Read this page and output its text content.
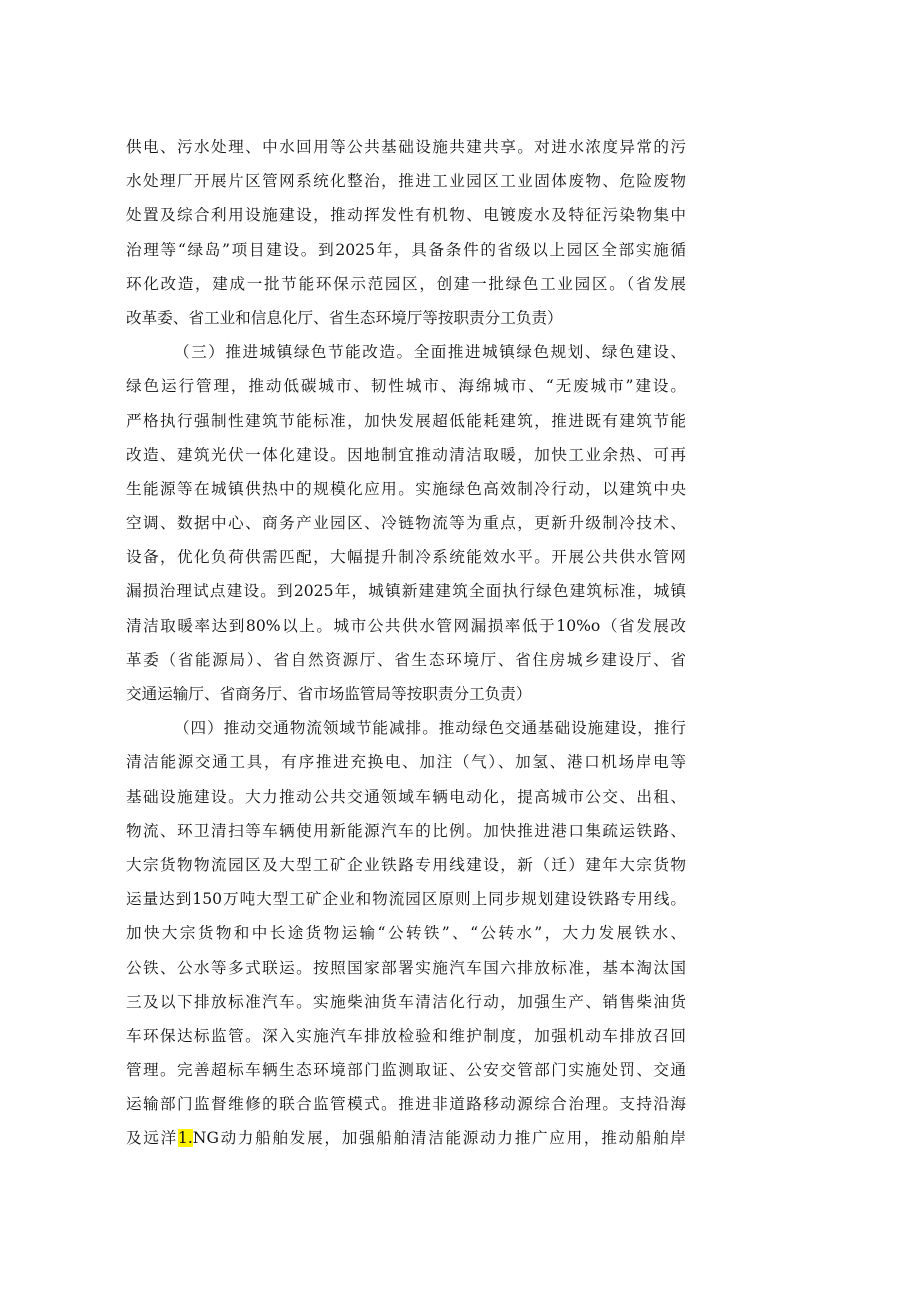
供电、污水处理、中水回用等公共基础设施共建共享。对进水浓度异常的污
水处理厂开展片区管网系统化整治，推进工业园区工业固体废物、危险废物
处置及综合利用设施建设，推动挥发性有机物、电镀废水及特征污染物集中
治理等“绿岛”项目建设。到2025年，具备条件的省级以上园区全部实施循
环化改造，建成一批节能环保示范园区，创建一批绿色工业园区。（省发展
改革委、省工业和信息化厅、省生态环境厅等按职责分工负责）
（三）推进城镇绿色节能改造。全面推进城镇绿色规划、绿色建设、
绿色运行管理，推动低碳城市、韧性城市、海绵城市、“无废城市”建设。
严格执行强制性建筑节能标准，加快发展超低能耗建筑，推进既有建筑节能
改造、建筑光伏一体化建设。因地制宜推动清洁取暖，加快工业余热、可再
生能源等在城镇供热中的规模化应用。实施绿色高效制冷行动，以建筑中央
空调、数据中心、商务产业园区、冷链物流等为重点，更新升级制冷技术、
设备，优化负荷供需匹配，大幅提升制冷系统能效水平。开展公共供水管网
漏损治理试点建设。到2025年，城镇新建建筑全面执行绿色建筑标准，城镇
清洁取暖率达到80%以上。城市公共供水管网漏损率低于10%o（省发展改
革委（省能源局）、省自然资源厅、省生态环境厅、省住房城乡建设厅、省
交通运输厅、省商务厅、省市场监管局等按职责分工负责）
（四）推动交通物流领域节能减排。推动绿色交通基础设施建设，推行
清洁能源交通工具，有序推进充换电、加注（气）、加氢、港口机场岸电等
基础设施建设。大力推动公共交通领域车辆电动化，提高城市公交、出租、
物流、环卫清扫等车辆使用新能源汽车的比例。加快推进港口集疏运铁路、
大宗货物物流园区及大型工矿企业铁路专用线建设，新（迁）建年大宗货物
运量达到150万吨大型工矿企业和物流园区原则上同步规划建设铁路专用线。
加快大宗货物和中长途货物运输“公转铁”、“公转水”，大力发展铁水、
公铁、公水等多式联运。按照国家部署实施汽车国六排放标准，基本淘汰国
三及以下排放标准汽车。实施柴油货车清洁化行动，加强生产、销售柴油货
车环保达标监管。深入实施汽车排放检验和维护制度，加强机动车排放召回
管理。完善超标车辆生态环境部门监测取证、公安交管部门实施处罚、交通
运输部门监督维修的联合监管模式。推进非道路移动源综合治理。支持沿海
及远洋1.NG动力船舶发展，加强船舶清洁能源动力推广应用，推动船舶岸
